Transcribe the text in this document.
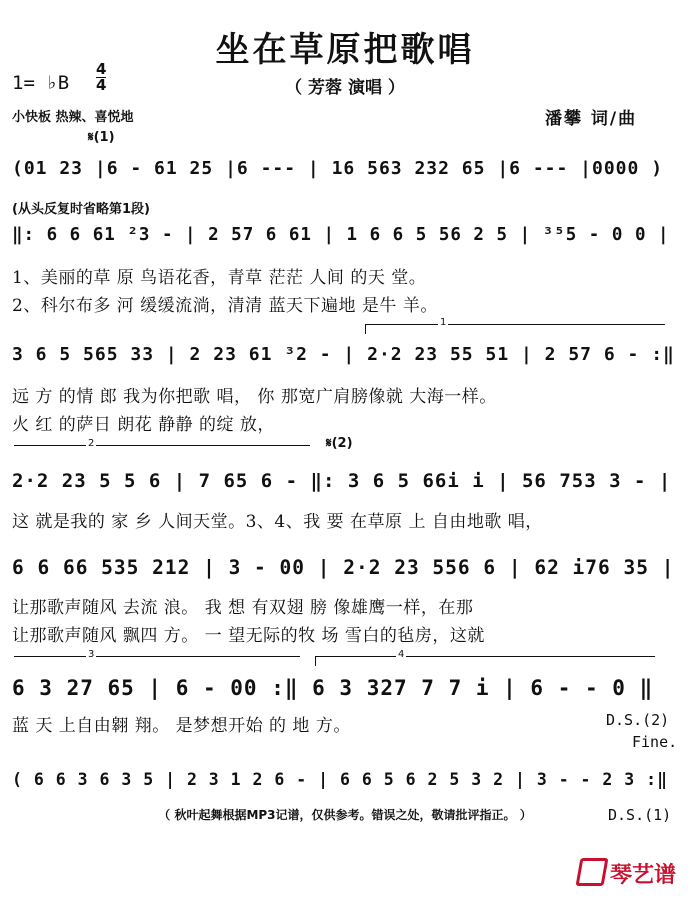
坐在草原把歌唱
（ 芳蓉 演唱 ）
1= ♭B
4
4
小快板 热辣、喜悦地	潘攀 词/曲
𝄋(1)
(01 23 |6 - 61 25 |6 --- | 16 563 232 65 |6 --- |0000 )
(从头反复时省略第1段)
‖: 6 6 61 ²3 - | 2 57 6 61 | 1 6 6 5 56 2 5 | ³⁵5 - 0 0 |
1、美丽的草 原 鸟语花香，青草 茫茫 人间 的天 堂。
2、科尔布多 河 缓缓流淌，清清 蓝天下遍地 是牛 羊。
1
3 6 5 565 33 | 2 23 61 ³2 - | 2·2 23 55 51 | 2 57 6 - :‖
远 方 的情 郎 我为你把歌 唱， 你 那宽广肩膀像就 大海一样。
火 红 的萨日 朗花 静静 的绽 放，
2	𝄋(2)
2·2 23 5 5 6 | 7 65 6 - ‖: 3 6 5 66i i | 56 753 3 - |
这 就是我的 家 乡 人间天堂。3、4、我 要 在草原 上 自由地歌 唱，
6 6 66 535 212 | 3 - 00 | 2·2 23 556 6 | 62 i76 35 |
让那歌声随风 去流 浪。 我 想 有双翅 膀 像雄鹰一样，在那
让那歌声随风 飘四 方。 一 望无际的牧 场 雪白的毡房，这就
3	4
6 3 27 65 | 6 - 00 :‖ 6 3 327 7 7 i | 6 - - 0 ‖
蓝 天 上自由翱 翔。 是梦想开始 的 地 方。	D.S.(2)
Fine.
( 6 6 3 6 3 5 | 2 3 1 2 6 - | 6 6 5 6 2 5 3 2 | 3 - - 2 3 :‖
（ 秋叶起舞根据MP3记谱，仅供参考。错误之处，敬请批评指正。 ）	D.S.(1)
琴艺谱
